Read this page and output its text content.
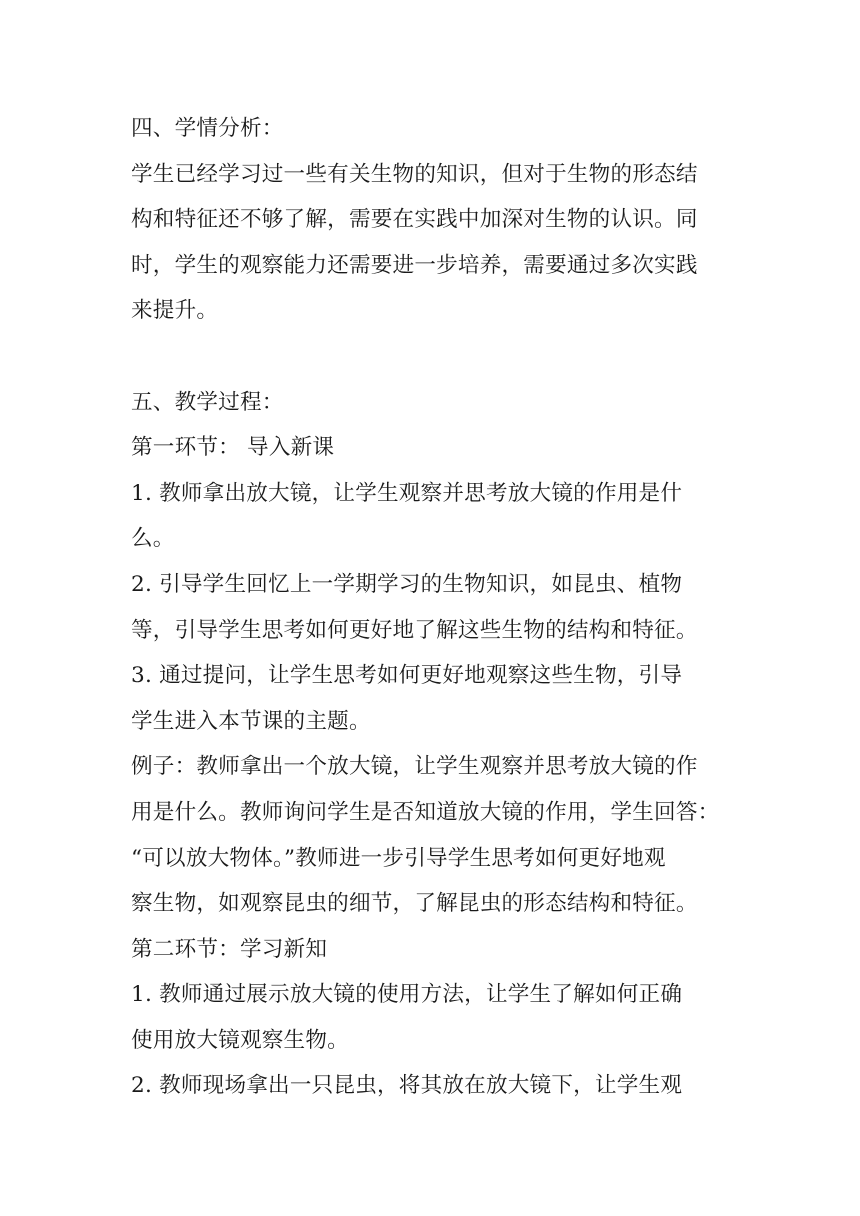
四、学情分析：
学生已经学习过一些有关生物的知识，但对于生物的形态结
构和特征还不够了解，需要在实践中加深对生物的认识。同
时，学生的观察能力还需要进一步培养，需要通过多次实践
来提升。
五、教学过程：
第一环节： 导入新课
1. 教师拿出放大镜，让学生观察并思考放大镜的作用是什
么。
2. 引导学生回忆上一学期学习的生物知识，如昆虫、植物
等，引导学生思考如何更好地了解这些生物的结构和特征。
3. 通过提问，让学生思考如何更好地观察这些生物，引导
学生进入本节课的主题。
例子：教师拿出一个放大镜，让学生观察并思考放大镜的作
用是什么。教师询问学生是否知道放大镜的作用，学生回答：
“可以放大物体。”教师进一步引导学生思考如何更好地观
察生物，如观察昆虫的细节，了解昆虫的形态结构和特征。
第二环节：学习新知
1. 教师通过展示放大镜的使用方法，让学生了解如何正确
使用放大镜观察生物。
2. 教师现场拿出一只昆虫，将其放在放大镜下，让学生观
